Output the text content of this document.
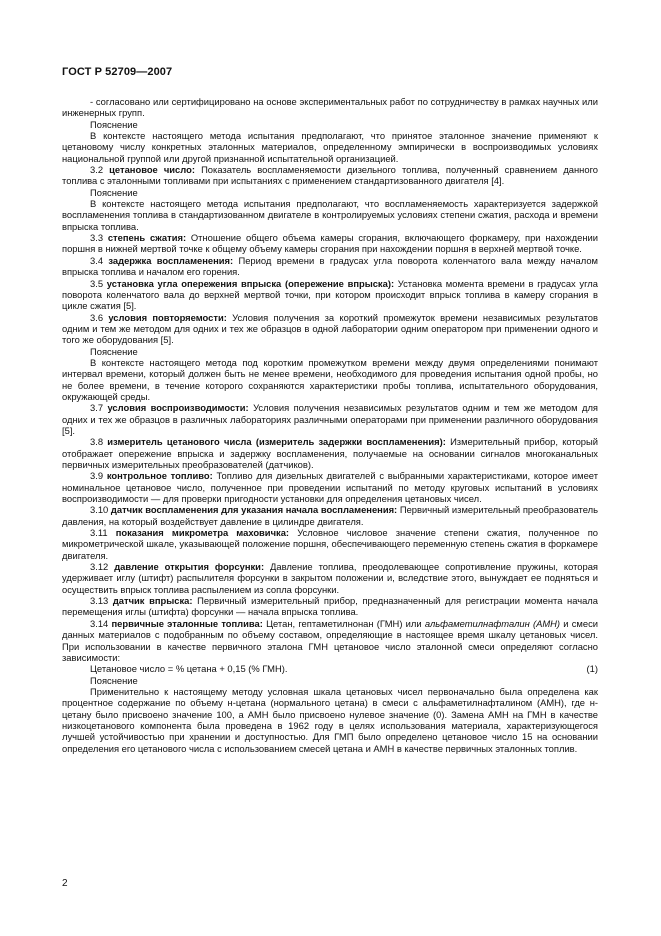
ГОСТ Р 52709—2007

- согласовано или сертифицировано на основе экспериментальных работ по сотрудничеству в рамках научных или инженерных групп.

Пояснение

В контексте настоящего метода испытания предполагают, что принятое эталонное значение применяют к цетановому числу конкретных эталонных материалов, определенному эмпирически в воспроизводимых условиях национальной группой или другой признанной испытательной организацией.

3.2 цетановое число: Показатель воспламеняемости дизельного топлива, полученный сравнением данного топлива с эталонными топливами при испытаниях с применением стандартизованного двигателя [4].

Пояснение

В контексте настоящего метода испытания предполагают, что воспламеняемость характеризуется задержкой воспламенения топлива в стандартизованном двигателе в контролируемых условиях степени сжатия, расхода и времени впрыска топлива.

3.3 степень сжатия: Отношение общего объема камеры сгорания, включающего форкамеру, при нахождении поршня в нижней мертвой точке к общему объему камеры сгорания при нахождении поршня в верхней мертвой точке.

3.4 задержка воспламенения: Период времени в градусах угла поворота коленчатого вала между началом впрыска топлива и началом его горения.

3.5 установка угла опережения впрыска (опережение впрыска): Установка момента времени в градусах угла поворота коленчатого вала до верхней мертвой точки, при котором происходит впрыск топлива в камеру сгорания в цикле сжатия [5].

3.6 условия повторяемости: Условия получения за короткий промежуток времени независимых результатов одним и тем же методом для одних и тех же образцов в одной лаборатории одним оператором при применении одного и того же оборудования [5].

Пояснение

В контексте настоящего метода под коротким промежутком времени между двумя определениями понимают интервал времени, который должен быть не менее времени, необходимого для проведения испытания одной пробы, но не более времени, в течение которого сохраняются характеристики пробы топлива, испытательного оборудования, окружающей среды.

3.7 условия воспроизводимости: Условия получения независимых результатов одним и тем же методом для одних и тех же образцов в различных лабораториях различными операторами при применении различного оборудования [5].

3.8 измеритель цетанового числа (измеритель задержки воспламенения): Измерительный прибор, который отображает опережение впрыска и задержку воспламенения, получаемые на основании сигналов многоканальных первичных измерительных преобразователей (датчиков).

3.9 контрольное топливо: Топливо для дизельных двигателей с выбранными характеристиками, которое имеет номинальное цетановое число, полученное при проведении испытаний по методу круговых испытаний в условиях воспроизводимости — для проверки пригодности установки для определения цетановых чисел.

3.10 датчик воспламенения для указания начала воспламенения: Первичный измерительный преобразователь давления, на который воздействует давление в цилиндре двигателя.

3.11 показания микрометра маховичка: Условное числовое значение степени сжатия, полученное по микрометрической шкале, указывающей положение поршня, обеспечивающего переменную степень сжатия в форкамере двигателя.

3.12 давление открытия форсунки: Давление топлива, преодолевающее сопротивление пружины, которая удерживает иглу (штифт) распылителя форсунки в закрытом положении и, вследствие этого, вынуждает ее подняться и осуществить впрыск топлива распылением из сопла форсунки.

3.13 датчик впрыска: Первичный измерительный прибор, предназначенный для регистрации момента начала перемещения иглы (штифта) форсунки — начала впрыска топлива.

3.14 первичные эталонные топлива: Цетан, гептаметилнонан (ГМН) или альфаметилнафталин (АМН) и смеси данных материалов с подобранным по объему составом, определяющие в настоящее время шкалу цетановых чисел. При использовании в качестве первичного эталона ГМН цетановое число эталонной смеси определяют согласно зависимости:

Цетановое число = % цетана + 0,15 (% ГМН).	(1)

Пояснение

Применительно к настоящему методу условная шкала цетановых чисел первоначально была определена как процентное содержание по объему н-цетана (нормального цетана) в смеси с альфаметилнафталином (АМН), где н-цетану было присвоено значение 100, а АМН было присвоено нулевое значение (0). Замена АМН на ГМН в качестве низкоцетанового компонента была проведена в 1962 году в целях использования материала, характеризующегося лучшей устойчивостью при хранении и доступностью. Для ГМП было определено цетановое число 15 на основании определения его цетанового числа с использованием смесей цетана и АМН в качестве первичных эталонных топлив.

2
